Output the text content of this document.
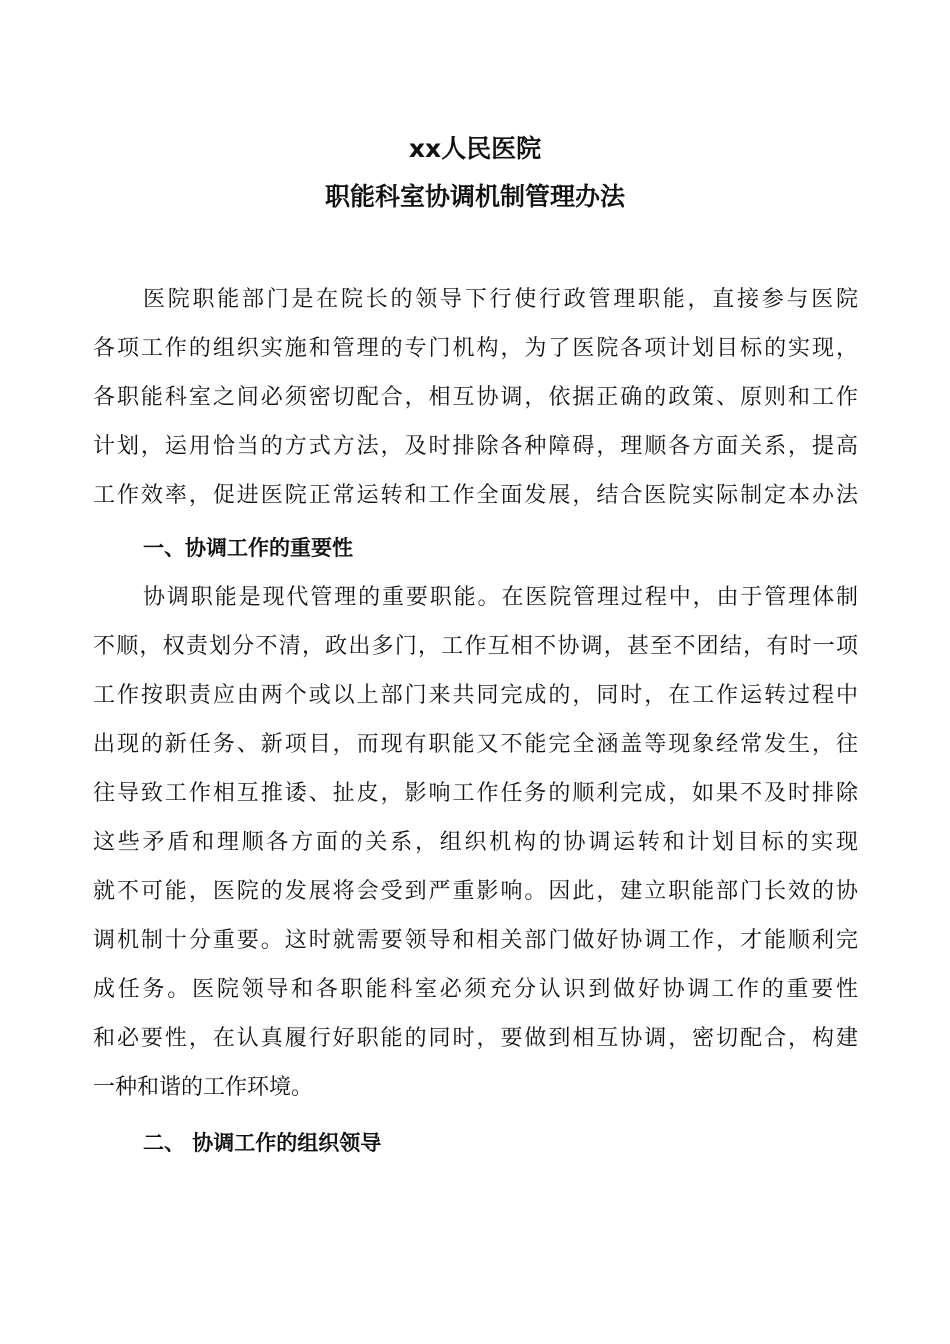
xx人民医院
职能科室协调机制管理办法
医院职能部门是在院长的领导下行使行政管理职能，直接参与医院
各项工作的组织实施和管理的专门机构，为了医院各项计划目标的实现，
各职能科室之间必须密切配合，相互协调，依据正确的政策、原则和工作
计划，运用恰当的方式方法，及时排除各种障碍，理顺各方面关系，提高
工作效率，促进医院正常运转和工作全面发展，结合医院实际制定本办法
一、协调工作的重要性
协调职能是现代管理的重要职能。在医院管理过程中，由于管理体制
不顺，权责划分不清，政出多门，工作互相不协调，甚至不团结，有时一项
工作按职责应由两个或以上部门来共同完成的，同时，在工作运转过程中
出现的新任务、新项目，而现有职能又不能完全涵盖等现象经常发生，往
往导致工作相互推诿、扯皮，影响工作任务的顺利完成，如果不及时排除
这些矛盾和理顺各方面的关系，组织机构的协调运转和计划目标的实现
就不可能，医院的发展将会受到严重影响。因此，建立职能部门长效的协
调机制十分重要。这时就需要领导和相关部门做好协调工作，才能顺利完
成任务。医院领导和各职能科室必须充分认识到做好协调工作的重要性
和必要性，在认真履行好职能的同时，要做到相互协调，密切配合，构建
一种和谐的工作环境。
二、 协调工作的组织领导
